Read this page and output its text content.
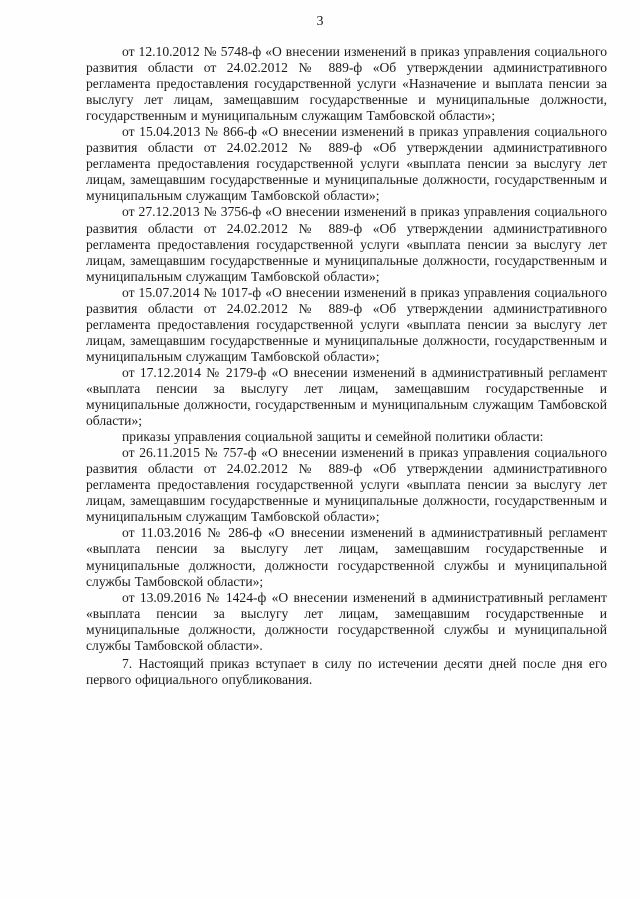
3

от 12.10.2012 № 5748-ф «О внесении изменений в приказ управления социального развития области от 24.02.2012 № 889-ф «Об утверждении административного регламента предоставления государственной услуги «Назначение и выплата пенсии за выслугу лет лицам, замещавшим государственные и муниципальные должности, государственным и муниципальным служащим Тамбовской области»;

от 15.04.2013 № 866-ф «О внесении изменений в приказ управления социального развития области от 24.02.2012 № 889-ф «Об утверждении административного регламента предоставления государственной услуги «выплата пенсии за выслугу лет лицам, замещавшим государственные и муниципальные должности, государственным и муниципальным служащим Тамбовской области»;

от 27.12.2013 № 3756-ф «О внесении изменений в приказ управления социального развития области от 24.02.2012 № 889-ф «Об утверждении административного регламента предоставления государственной услуги «выплата пенсии за выслугу лет лицам, замещавшим государственные и муниципальные должности, государственным и муниципальным служащим Тамбовской области»;

от 15.07.2014 № 1017-ф «О внесении изменений в приказ управления социального развития области от 24.02.2012 № 889-ф «Об утверждении административного регламента предоставления государственной услуги «выплата пенсии за выслугу лет лицам, замещавшим государственные и муниципальные должности, государственным и муниципальным служащим Тамбовской области»;

от 17.12.2014 № 2179-ф «О внесении изменений в административный регламент «выплата пенсии за выслугу лет лицам, замещавшим государственные и муниципальные должности, государственным и муниципальным служащим Тамбовской области»;

приказы управления социальной защиты и семейной политики области:

от 26.11.2015 № 757-ф «О внесении изменений в приказ управления социального развития области от 24.02.2012 № 889-ф «Об утверждении административного регламента предоставления государственной услуги «выплата пенсии за выслугу лет лицам, замещавшим государственные и муниципальные должности, государственным и муниципальным служащим Тамбовской области»;

от 11.03.2016 № 286-ф «О внесении изменений в административный регламент «выплата пенсии за выслугу лет лицам, замещавшим государственные и муниципальные должности, должности государственной службы и муниципальной службы Тамбовской области»;

от 13.09.2016 № 1424-ф «О внесении изменений в административный регламент «выплата пенсии за выслугу лет лицам, замещавшим государственные и муниципальные должности, должности государственной службы и муниципальной службы Тамбовской области».

7. Настоящий приказ вступает в силу по истечении десяти дней после дня его первого официального опубликования.
